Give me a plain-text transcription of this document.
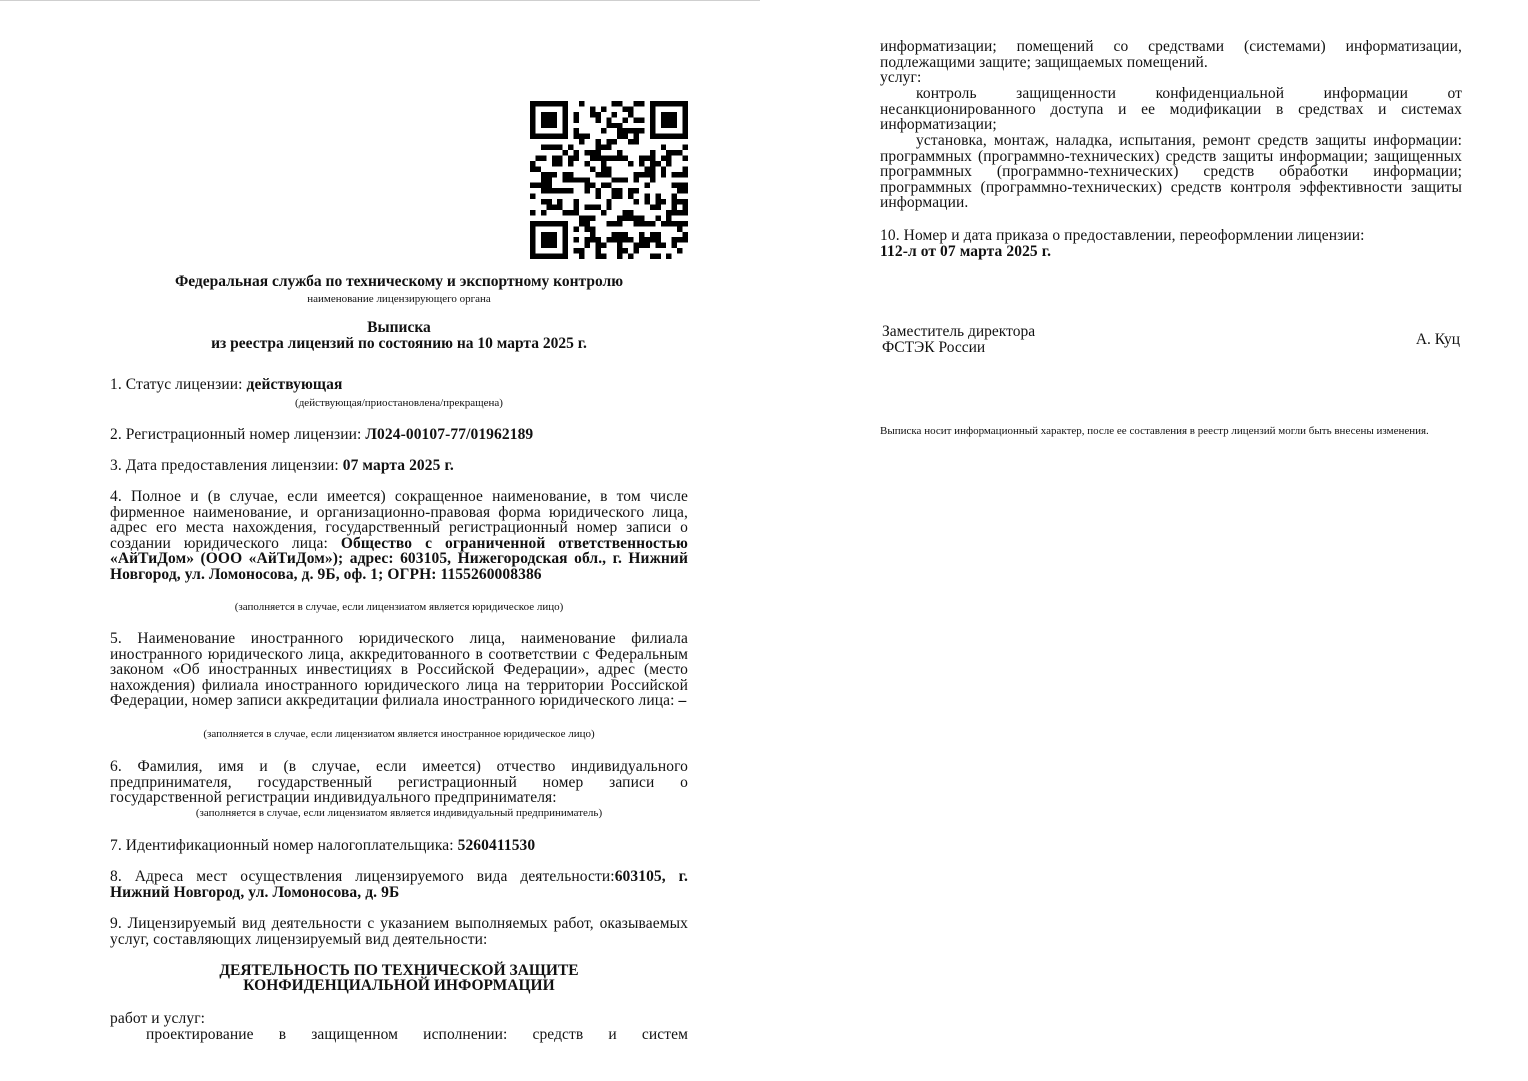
Федеральная служба по техническому и экспортному контролю
наименование лицензирующего органа
Выписка
из реестра лицензий по состоянию на 10 марта 2025 г.
1. Статус лицензии: действующая
(действующая/приостановлена/прекращена)
2. Регистрационный номер лицензии: Л024-00107-77/01962189
3. Дата предоставления лицензии: 07 марта 2025 г.
4. Полное и (в случае, если имеется) сокращенное наименование, в том числе фирменное наименование, и организационно-правовая форма юридического лица, адрес его места нахождения, государственный регистрационный номер записи о создании юридического лица: Общество с ограниченной ответственностью «АйТиДом» (ООО «АйТиДом»); адрес: 603105, Нижегородская обл., г. Нижний Новгород, ул. Ломоносова, д. 9Б, оф. 1; ОГРН: 1155260008386
(заполняется в случае, если лицензиатом является юридическое лицо)
5. Наименование иностранного юридического лица, наименование филиала иностранного юридического лица, аккредитованного в соответствии с Федеральным законом «Об иностранных инвестициях в Российской Федерации», адрес (место нахождения) филиала иностранного юридического лица на территории Российской Федерации, номер записи аккредитации филиала иностранного юридического лица: –
(заполняется в случае, если лицензиатом является иностранное юридическое лицо)
6. Фамилия, имя и (в случае, если имеется) отчество индивидуального предпринимателя, государственный регистрационный номер записи о государственной регистрации индивидуального предпринимателя:
(заполняется в случае, если лицензиатом является индивидуальный предприниматель)
7. Идентификационный номер налогоплательщика: 5260411530
8. Адреса мест осуществления лицензируемого вида деятельности:603105, г. Нижний Новгород, ул. Ломоносова, д. 9Б
9. Лицензируемый вид деятельности с указанием выполняемых работ, оказываемых услуг, составляющих лицензируемый вид деятельности:
ДЕЯТЕЛЬНОСТЬ ПО ТЕХНИЧЕСКОЙ ЗАЩИТЕ
КОНФИДЕНЦИАЛЬНОЙ ИНФОРМАЦИИ
работ и услуг:
проектирование в защищенном исполнении: средств и систем
информатизации; помещений со средствами (системами) информатизации, подлежащими защите; защищаемых помещений.
услуг:
контроль защищенности конфиденциальной информации от несанкционированного доступа и ее модификации в средствах и системах информатизации;
установка, монтаж, наладка, испытания, ремонт средств защиты информации: программных (программно-технических) средств защиты информации; защищенных программных (программно-технических) средств обработки информации; программных (программно-технических) средств контроля эффективности защиты информации.
10. Номер и дата приказа о предоставлении, переоформлении лицензии:
112-л от 07 марта 2025 г.
Заместитель директора
ФСТЭК России	А. Куц
Выписка носит информационный характер, после ее составления в реестр лицензий могли быть внесены изменения.
